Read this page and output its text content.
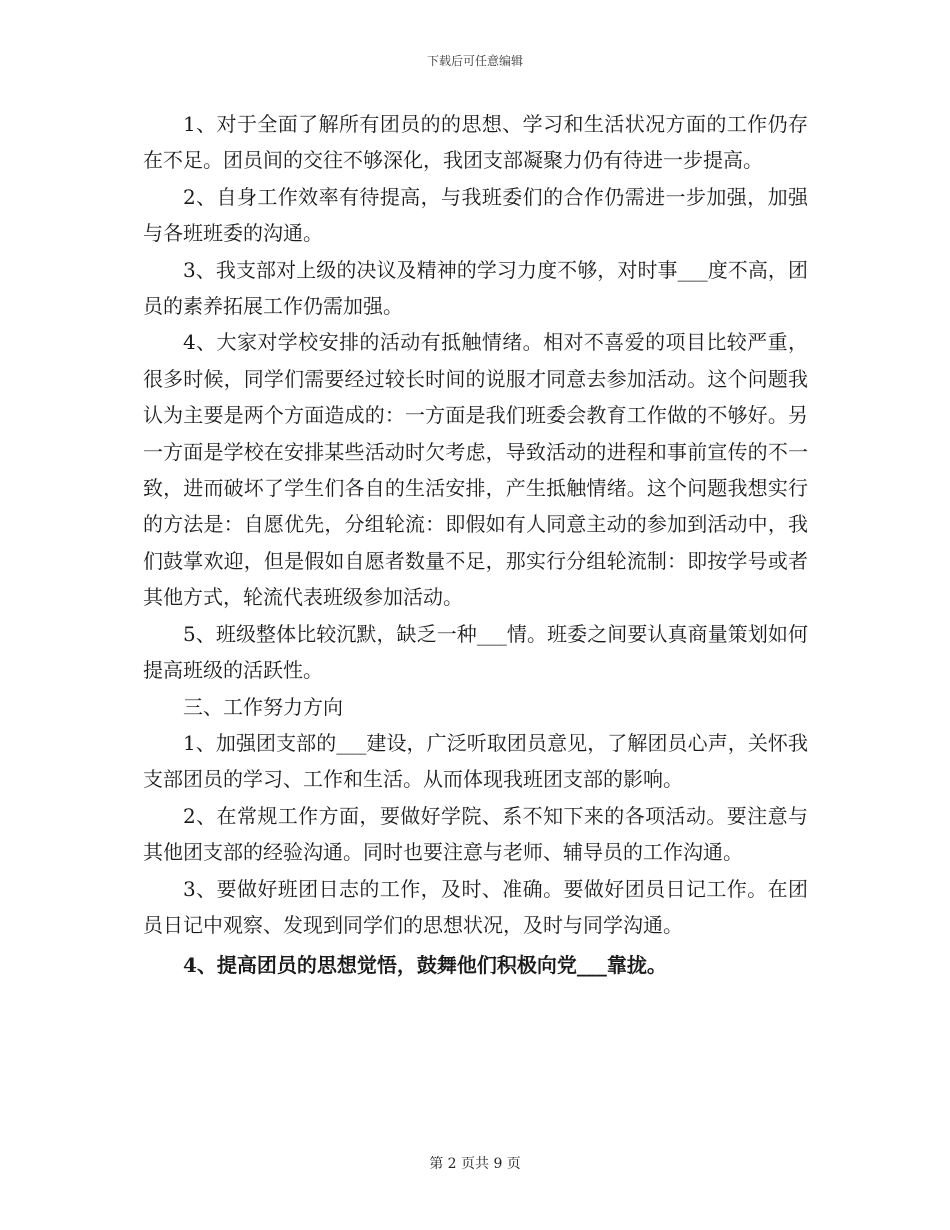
下载后可任意编辑

1、对于全面了解所有团员的的思想、学习和生活状况方面的工作仍存在不足。团员间的交往不够深化，我团支部凝聚力仍有待进一步提高。

2、自身工作效率有待提高，与我班委们的合作仍需进一步加强，加强与各班班委的沟通。

3、我支部对上级的决议及精神的学习力度不够，对时事___度不高，团员的素养拓展工作仍需加强。

4、大家对学校安排的活动有抵触情绪。相对不喜爱的项目比较严重，很多时候，同学们需要经过较长时间的说服才同意去参加活动。这个问题我认为主要是两个方面造成的：一方面是我们班委会教育工作做的不够好。另一方面是学校在安排某些活动时欠考虑，导致活动的进程和事前宣传的不一致，进而破坏了学生们各自的生活安排，产生抵触情绪。这个问题我想实行的方法是：自愿优先，分组轮流：即假如有人同意主动的参加到活动中，我们鼓掌欢迎，但是假如自愿者数量不足，那实行分组轮流制：即按学号或者其他方式，轮流代表班级参加活动。

5、班级整体比较沉默，缺乏一种___情。班委之间要认真商量策划如何提高班级的活跃性。

三、工作努力方向

1、加强团支部的___建设，广泛听取团员意见，了解团员心声，关怀我支部团员的学习、工作和生活。从而体现我班团支部的影响。

2、在常规工作方面，要做好学院、系不知下来的各项活动。要注意与其他团支部的经验沟通。同时也要注意与老师、辅导员的工作沟通。

3、要做好班团日志的工作，及时、准确。要做好团员日记工作。在团员日记中观察、发现到同学们的思想状况，及时与同学沟通。

4、提高团员的思想觉悟，鼓舞他们积极向党___靠拢。

第 2 页共 9 页
